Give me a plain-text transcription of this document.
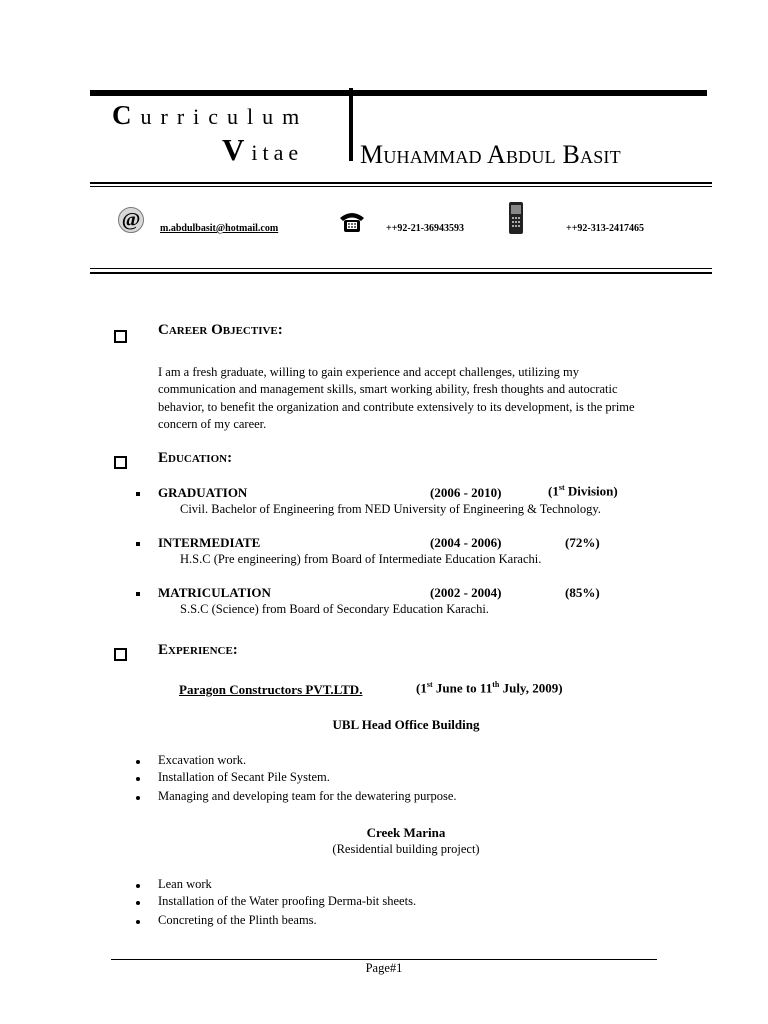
Curriculum
Vitae Muhammad Abdul Basit
@	m.abdulbasit@hotmail.com	++92-21-36943593	++92-313-2417465
Career Objective:
I am a fresh graduate, willing to gain experience and accept challenges, utilizing my communication and management skills, smart working ability, fresh thoughts and autocratic behavior, to benefit the organization and contribute extensively to its development, is the prime concern of my career.
Education:
GRADUATION	(2006 - 2010)	(1st Division)
Civil. Bachelor of Engineering from NED University of Engineering & Technology.
INTERMEDIATE	(2004 - 2006)	(72%)
H.S.C (Pre engineering) from Board of Intermediate Education Karachi.
MATRICULATION	(2002 - 2004)	(85%)
S.S.C (Science) from Board of Secondary Education Karachi.
Experience:
Paragon Constructors PVT.LTD.	(1st June to 11th July, 2009)
UBL Head Office Building
Excavation work.
Installation of Secant Pile System.
Managing and developing team for the dewatering purpose.
Creek Marina
(Residential building project)
Lean work
Installation of the Water proofing Derma-bit sheets.
Concreting of the Plinth beams.
Page#1
